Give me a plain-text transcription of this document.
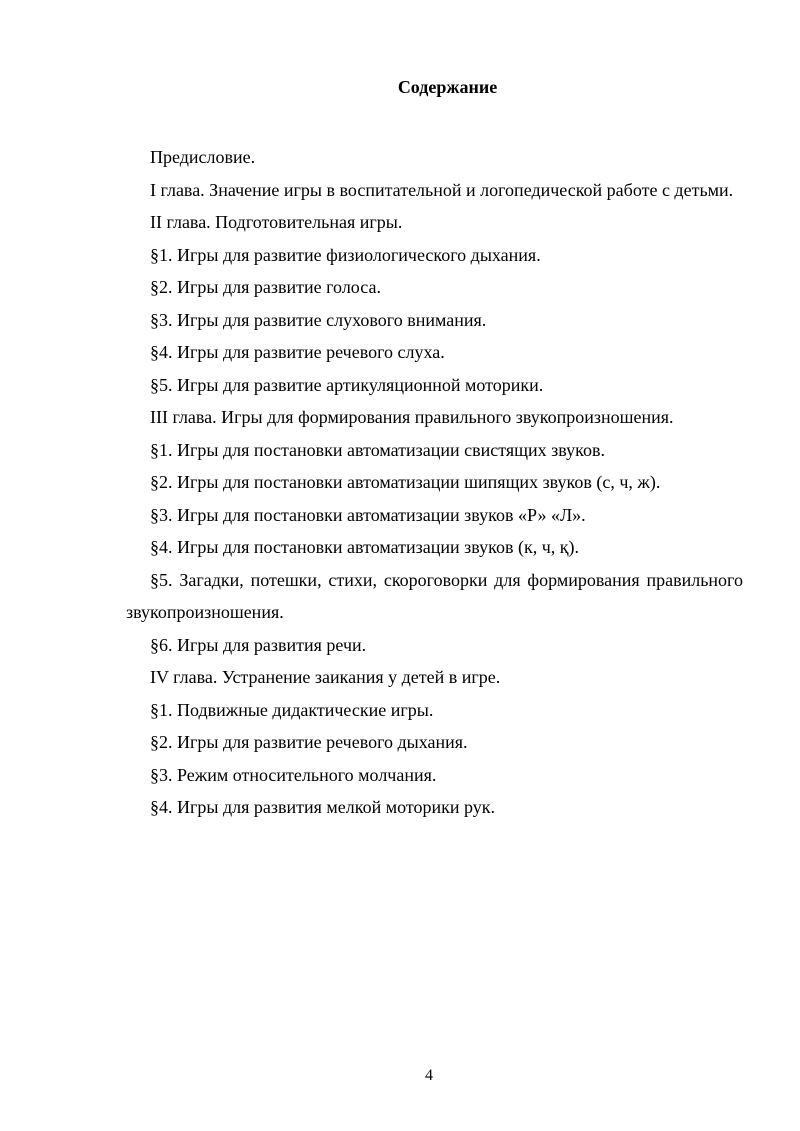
Содержание
Предисловие.
I глава. Значение игры в воспитательной и логопедической работе с детьми.
II глава. Подготовительная игры.
§1. Игры для развитие физиологического дыхания.
§2. Игры для развитие голоса.
§3. Игры для развитие слухового внимания.
§4. Игры для развитие речевого слуха.
§5. Игры для развитие артикуляционной моторики.
III глава. Игры для формирования правильного звукопроизношения.
§1. Игры для постановки автоматизации свистящих звуков.
§2. Игры для постановки автоматизации шипящих звуков (с, ч, ж).
§3. Игры для постановки автоматизации звуков «Р» «Л».
§4. Игры для постановки автоматизации звуков (к, ч, қ).
§5. Загадки, потешки, стихи, скороговорки для формирования правильного звукопроизношения.
§6. Игры для развития речи.
IV глава. Устранение заикания у детей в игре.
§1. Подвижные дидактические игры.
§2. Игры для развитие речевого дыхания.
§3. Режим относительного молчания.
§4. Игры для развития мелкой моторики рук.
4
